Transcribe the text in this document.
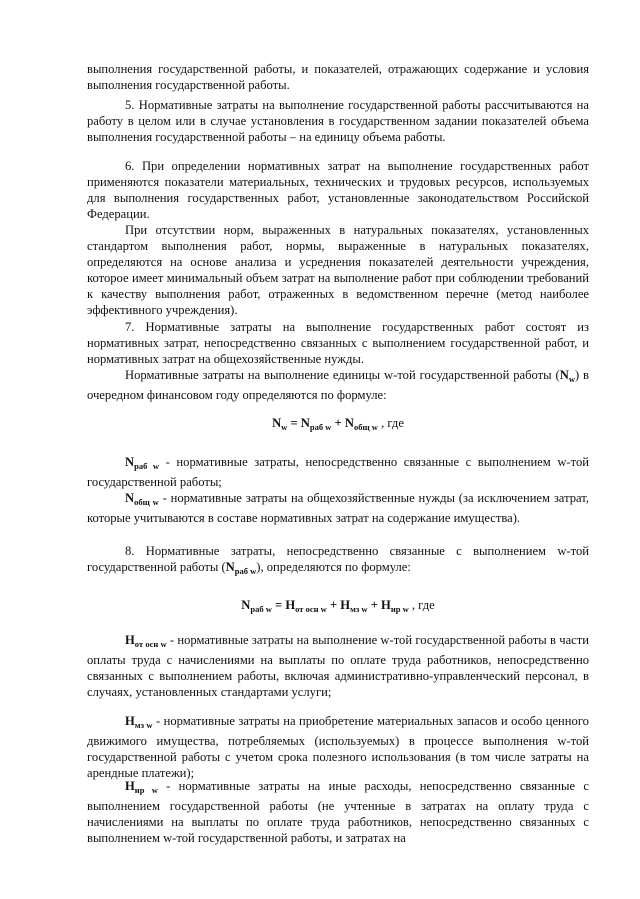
выполнения государственной работы, и показателей, отражающих содержание и условия выполнения государственной работы.

5. Нормативные затраты на выполнение государственной работы рассчитываются на работу в целом или в случае установления в государственном задании показателей объема выполнения государственной работы – на единицу объема работы.

6. При определении нормативных затрат на выполнение государственных работ применяются показатели материальных, технических и трудовых ресурсов, используемых для выполнения государственных работ, установленные законодательством Российской Федерации.

При отсутствии норм, выраженных в натуральных показателях, установленных стандартом выполнения работ, нормы, выраженные в натуральных показателях, определяются на основе анализа и усреднения показателей деятельности учреждения, которое имеет минимальный объем затрат на выполнение работ при соблюдении требований к качеству выполнения работ, отраженных в ведомственном перечне (метод наиболее эффективного учреждения).

7. Нормативные затраты на выполнение государственных работ состоят из нормативных затрат, непосредственно связанных с выполнением государственной работ, и нормативных затрат на общехозяйственные нужды.

Нормативные затраты на выполнение единицы w-той государственной работы $(N_w)$ в очередном финансовом году определяются по формуле:

$N_w = N_{раб w} + N_{общ w}$ , где

$N_{раб w}$ - нормативные затраты, непосредственно связанные с выполнением w-той государственной работы;

$N_{общ w}$ - нормативные затраты на общехозяйственные нужды (за исключением затрат, которые учитываются в составе нормативных затрат на содержание имущества).

8. Нормативные затраты, непосредственно связанные с выполнением w-той государственной работы $(N_{раб w})$, определяются по формуле:

$N_{раб w} = Н_{от осн w} + Н_{мз w} + Н_{ир w}$ , где

$Н_{от осн w}$ - нормативные затраты на выполнение w-той государственной работы в части оплаты труда с начислениями на выплаты по оплате труда работников, непосредственно связанных с выполнением работы, включая административно-управленческий персонал, в случаях, установленных стандартами услуги;

$Н_{мз w}$ - нормативные затраты на приобретение материальных запасов и особо ценного движимого имущества, потребляемых (используемых) в процессе выполнения w-той государственной работы с учетом срока полезного использования (в том числе затраты на арендные платежи);

$Н_{ир w}$ - нормативные затраты на иные расходы, непосредственно связанные с выполнением государственной работы (не учтенные в затратах на оплату труда с начислениями на выплаты по оплате труда работников, непосредственно связанных с выполнением w-той государственной работы, и затратах на
